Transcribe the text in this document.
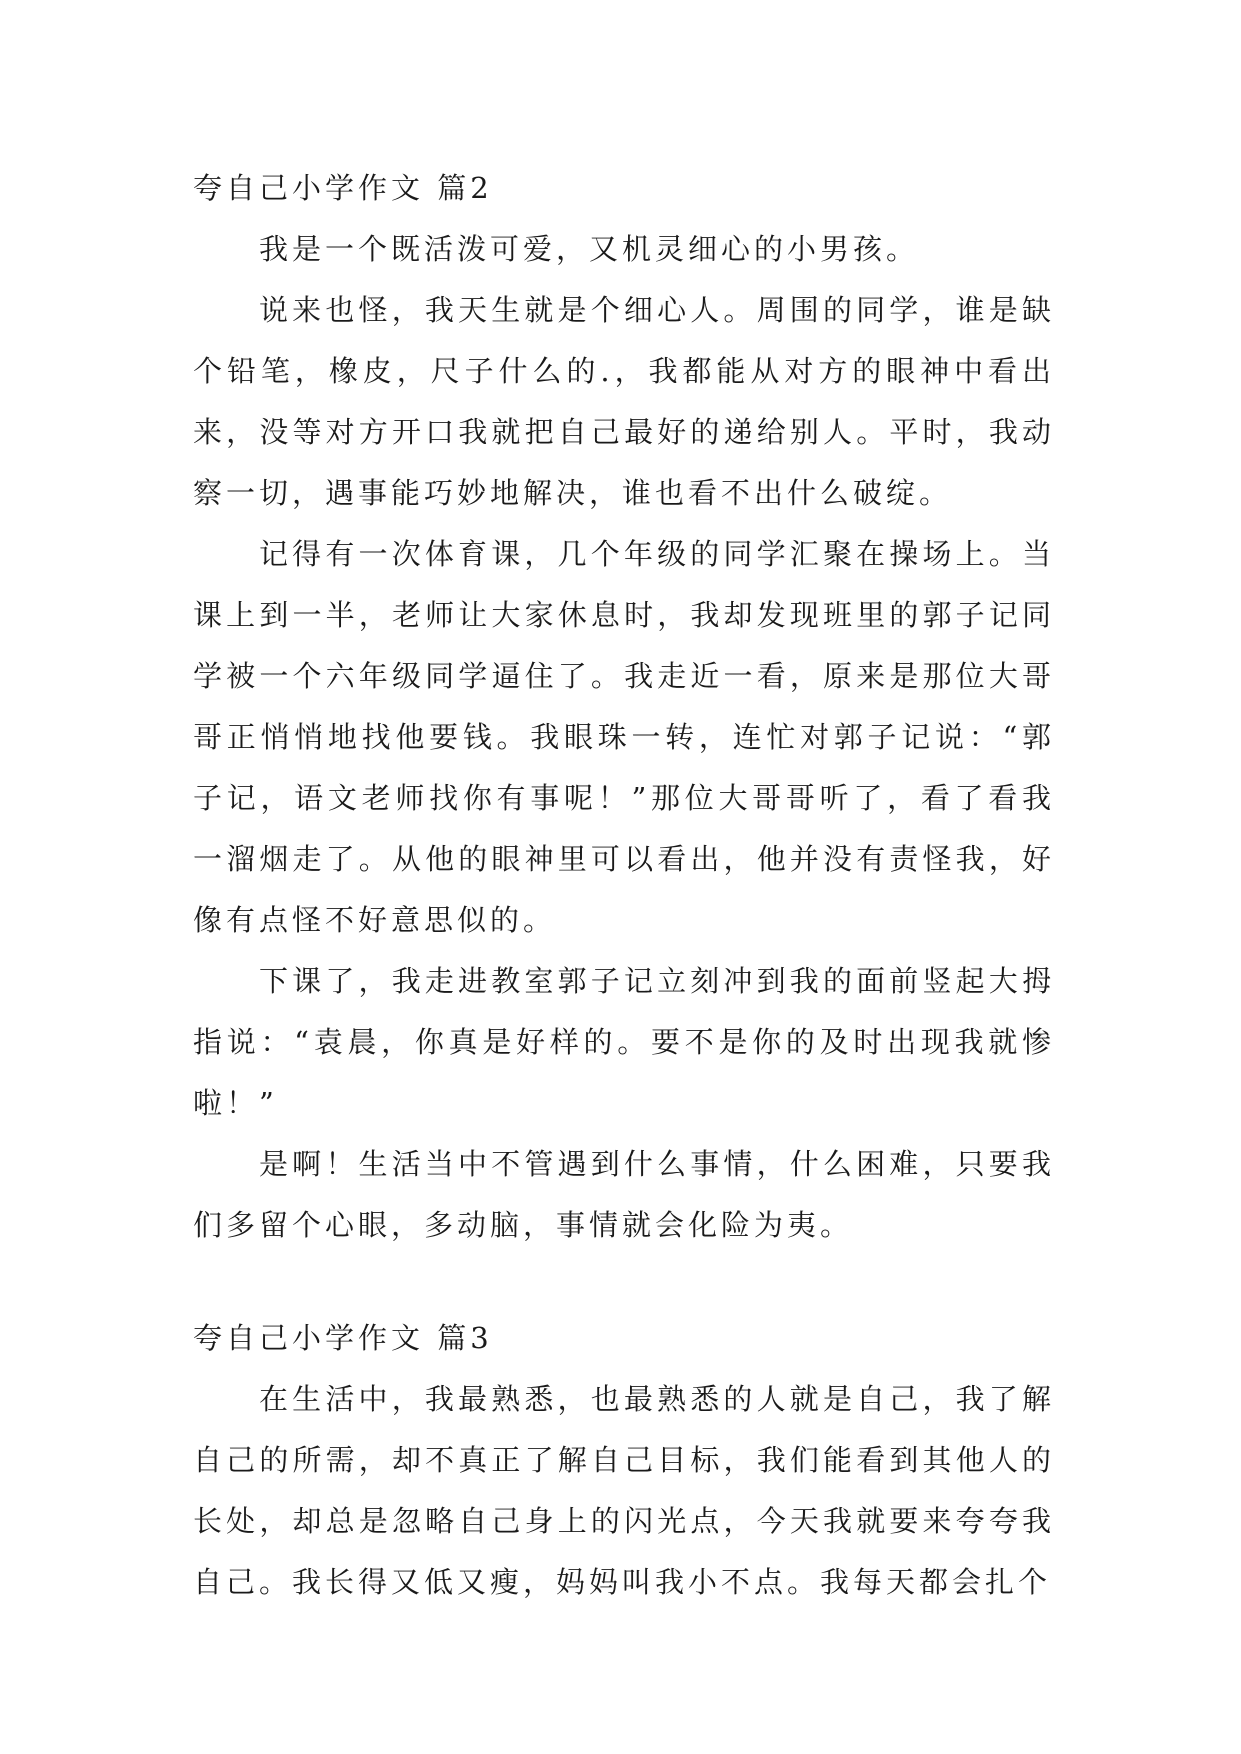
夸自己小学作文 篇2

我是一个既活泼可爱，又机灵细心的小男孩。

说来也怪，我天生就是个细心人。周围的同学，谁是缺个铅笔，橡皮，尺子什么的.，我都能从对方的眼神中看出来，没等对方开口我就把自己最好的递给别人。平时，我动察一切，遇事能巧妙地解决，谁也看不出什么破绽。

记得有一次体育课，几个年级的同学汇聚在操场上。当课上到一半，老师让大家休息时，我却发现班里的郭子记同学被一个六年级同学逼住了。我走近一看，原来是那位大哥哥正悄悄地找他要钱。我眼珠一转，连忙对郭子记说：“郭子记，语文老师找你有事呢！”那位大哥哥听了，看了看我一溜烟走了。从他的眼神里可以看出，他并没有责怪我，好像有点怪不好意思似的。

下课了，我走进教室郭子记立刻冲到我的面前竖起大拇指说：“袁晨，你真是好样的。要不是你的及时出现我就惨啦！”

是啊！生活当中不管遇到什么事情，什么困难，只要我们多留个心眼，多动脑，事情就会化险为夷。

夸自己小学作文 篇3

在生活中，我最熟悉，也最熟悉的人就是自己，我了解自己的所需，却不真正了解自己目标，我们能看到其他人的长处，却总是忽略自己身上的闪光点，今天我就要来夸夸我自己。我长得又低又瘦，妈妈叫我小不点。我每天都会扎个
